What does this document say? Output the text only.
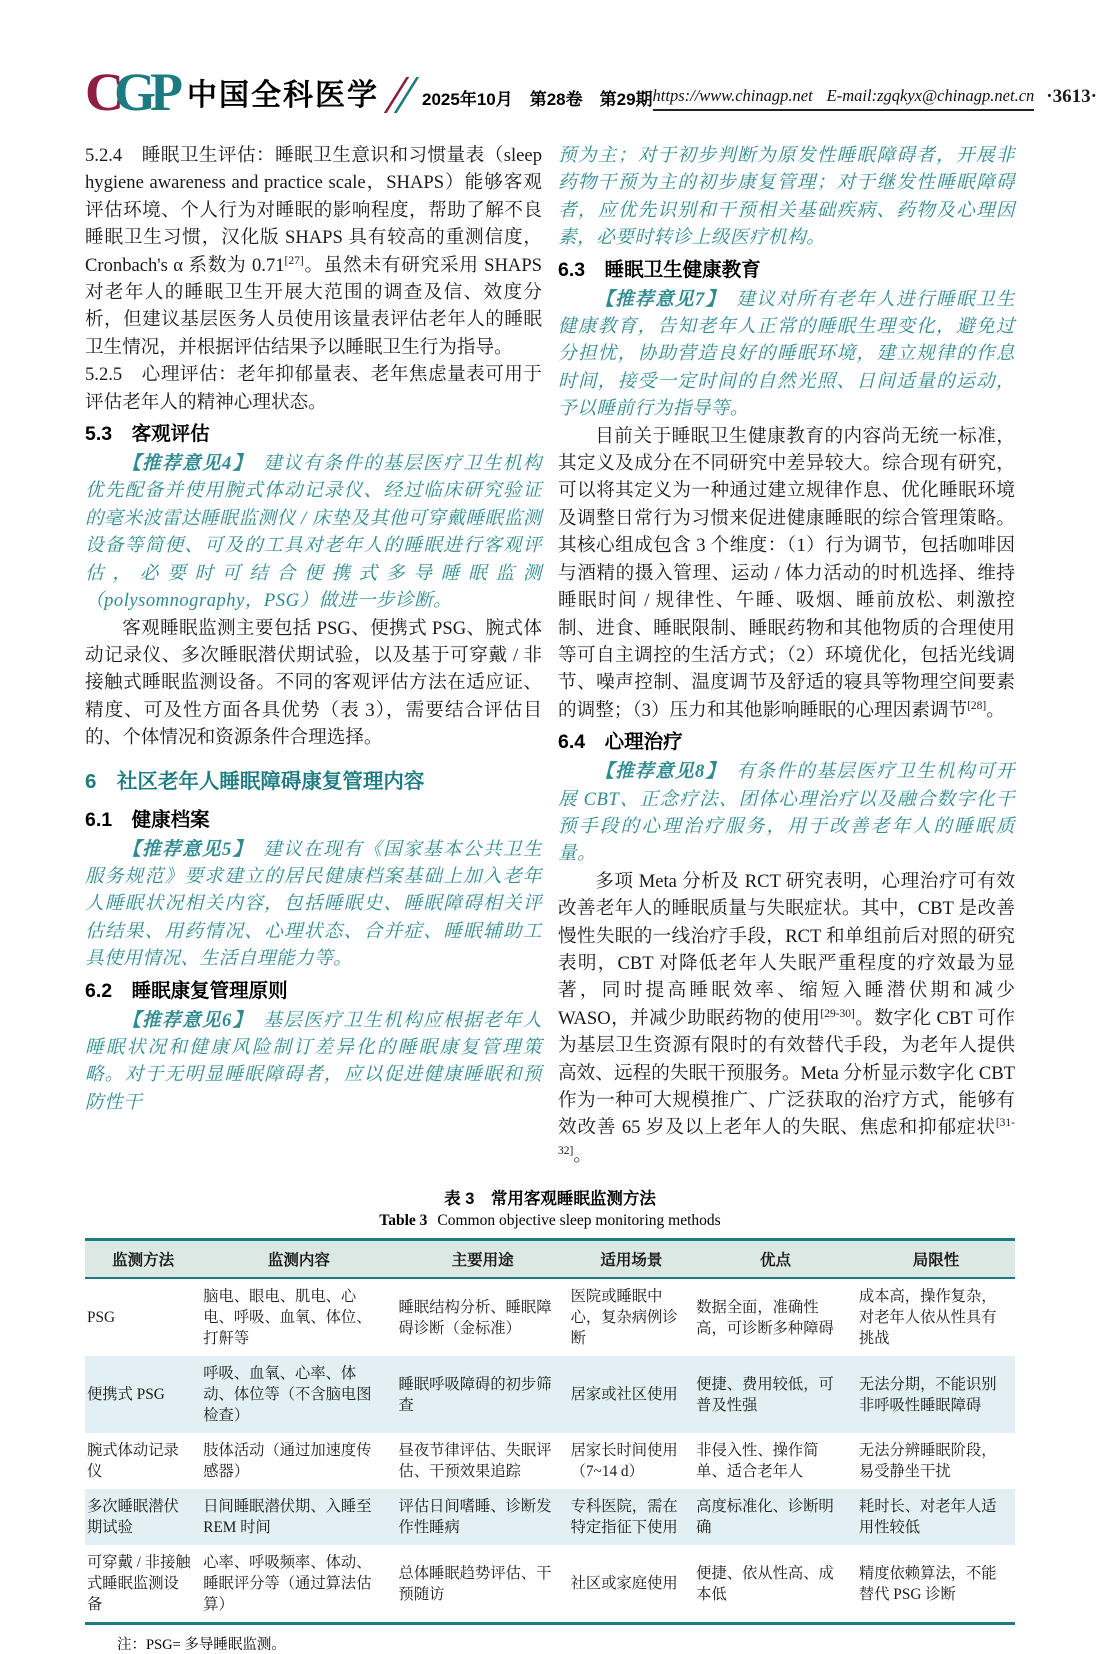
C
GP 中国全科医学	2025年10月　第28卷　第29期 https://www.chinagp.net E-mail:zgqkyx@chinagp.net.cn ·3613·

5.2.4　睡眠卫生评估：睡眠卫生意识和习惯量表（sleep hygiene awareness and practice scale，SHAPS）能够客观评估环境、个人行为对睡眠的影响程度，帮助了解不良睡眠卫生习惯，汉化版 SHAPS 具有较高的重测信度，Cronbach's α 系数为 0.71[27]。虽然未有研究采用 SHAPS 对老年人的睡眠卫生开展大范围的调查及信、效度分析，但建议基层医务人员使用该量表评估老年人的睡眠卫生情况，并根据评估结果予以睡眠卫生行为指导。

5.2.5　心理评估：老年抑郁量表、老年焦虑量表可用于评估老年人的精神心理状态。

5.3　客观评估

【推荐意见4】　建议有条件的基层医疗卫生机构优先配备并使用腕式体动记录仪、经过临床研究验证的毫米波雷达睡眠监测仪 / 床垫及其他可穿戴睡眠监测设备等简便、可及的工具对老年人的睡眠进行客观评估，必要时可结合便携式多导睡眠监测（polysomnography，PSG）做进一步诊断。

客观睡眠监测主要包括 PSG、便携式 PSG、腕式体动记录仪、多次睡眠潜伏期试验，以及基于可穿戴 / 非接触式睡眠监测设备。不同的客观评估方法在适应证、精度、可及性方面各具优势（表 3），需要结合评估目的、个体情况和资源条件合理选择。

6　社区老年人睡眠障碍康复管理内容
6.1　健康档案

【推荐意见5】　建议在现有《国家基本公共卫生服务规范》要求建立的居民健康档案基础上加入老年人睡眠状况相关内容，包括睡眠史、睡眠障碍相关评估结果、用药情况、心理状态、合并症、睡眠辅助工具使用情况、生活自理能力等。

6.2　睡眠康复管理原则

【推荐意见6】　基层医疗卫生机构应根据老年人睡眠状况和健康风险制订差异化的睡眠康复管理策略。对于无明显睡眠障碍者，应以促进健康睡眠和预防性干

预为主；对于初步判断为原发性睡眠障碍者，开展非药物干预为主的初步康复管理；对于继发性睡眠障碍者，应优先识别和干预相关基础疾病、药物及心理因素，必要时转诊上级医疗机构。

6.3　睡眠卫生健康教育

【推荐意见7】　建议对所有老年人进行睡眠卫生健康教育，告知老年人正常的睡眠生理变化，避免过分担忧，协助营造良好的睡眠环境，建立规律的作息时间，接受一定时间的自然光照、日间适量的运动，予以睡前行为指导等。

目前关于睡眠卫生健康教育的内容尚无统一标准，其定义及成分在不同研究中差异较大。综合现有研究，可以将其定义为一种通过建立规律作息、优化睡眠环境及调整日常行为习惯来促进健康睡眠的综合管理策略。其核心组成包含 3 个维度：（1）行为调节，包括咖啡因与酒精的摄入管理、运动 / 体力活动的时机选择、维持睡眠时间 / 规律性、午睡、吸烟、睡前放松、刺激控制、进食、睡眠限制、睡眠药物和其他物质的合理使用等可自主调控的生活方式；（2）环境优化，包括光线调节、噪声控制、温度调节及舒适的寝具等物理空间要素的调整；（3）压力和其他影响睡眠的心理因素调节[28]。

6.4　心理治疗

【推荐意见8】　有条件的基层医疗卫生机构可开展 CBT、正念疗法、团体心理治疗以及融合数字化干预手段的心理治疗服务，用于改善老年人的睡眠质量。

多项 Meta 分析及 RCT 研究表明，心理治疗可有效改善老年人的睡眠质量与失眠症状。其中，CBT 是改善慢性失眠的一线治疗手段，RCT 和单组前后对照的研究表明，CBT 对降低老年人失眠严重程度的疗效最为显著，同时提高睡眠效率、缩短入睡潜伏期和减少 WASO，并减少助眠药物的使用[29-30]。数字化 CBT 可作为基层卫生资源有限时的有效替代手段，为老年人提供高效、远程的失眠干预服务。Meta 分析显示数字化 CBT 作为一种可大规模推广、广泛获取的治疗方式，能够有效改善 65 岁及以上老年人的失眠、焦虑和抑郁症状[31-32]。

表 3　常用客观睡眠监测方法
Table 3 Common objective sleep monitoring methods
监测方法	监测内容	主要用途	适用场景	优点	局限性
PSG	脑电、眼电、肌电、心电、呼吸、血氧、体位、打鼾等	睡眠结构分析、睡眠障碍诊断（金标准）	医院或睡眠中心，复杂病例诊断	数据全面，准确性高，可诊断多种障碍	成本高，操作复杂，对老年人依从性具有挑战
便携式 PSG	呼吸、血氧、心率、体动、体位等（不含脑电图检查）	睡眠呼吸障碍的初步筛查	居家或社区使用	便捷、费用较低，可普及性强	无法分期，不能识别非呼吸性睡眠障碍
腕式体动记录仪	肢体活动（通过加速度传感器）	昼夜节律评估、失眠评估、干预效果追踪	居家长时间使用（7~14 d）	非侵入性、操作简单、适合老年人	无法分辨睡眠阶段，易受静坐干扰
多次睡眠潜伏期试验	日间睡眠潜伏期、入睡至 REM 时间	评估日间嗜睡、诊断发作性睡病	专科医院，需在特定指征下使用	高度标准化、诊断明确	耗时长、对老年人适用性较低
可穿戴 / 非接触式睡眠监测设备	心率、呼吸频率、体动、睡眠评分等（通过算法估算）	总体睡眠趋势评估、干预随访	社区或家庭使用	便捷、依从性高、成本低	精度依赖算法，不能替代 PSG 诊断
注：PSG= 多导睡眠监测。
